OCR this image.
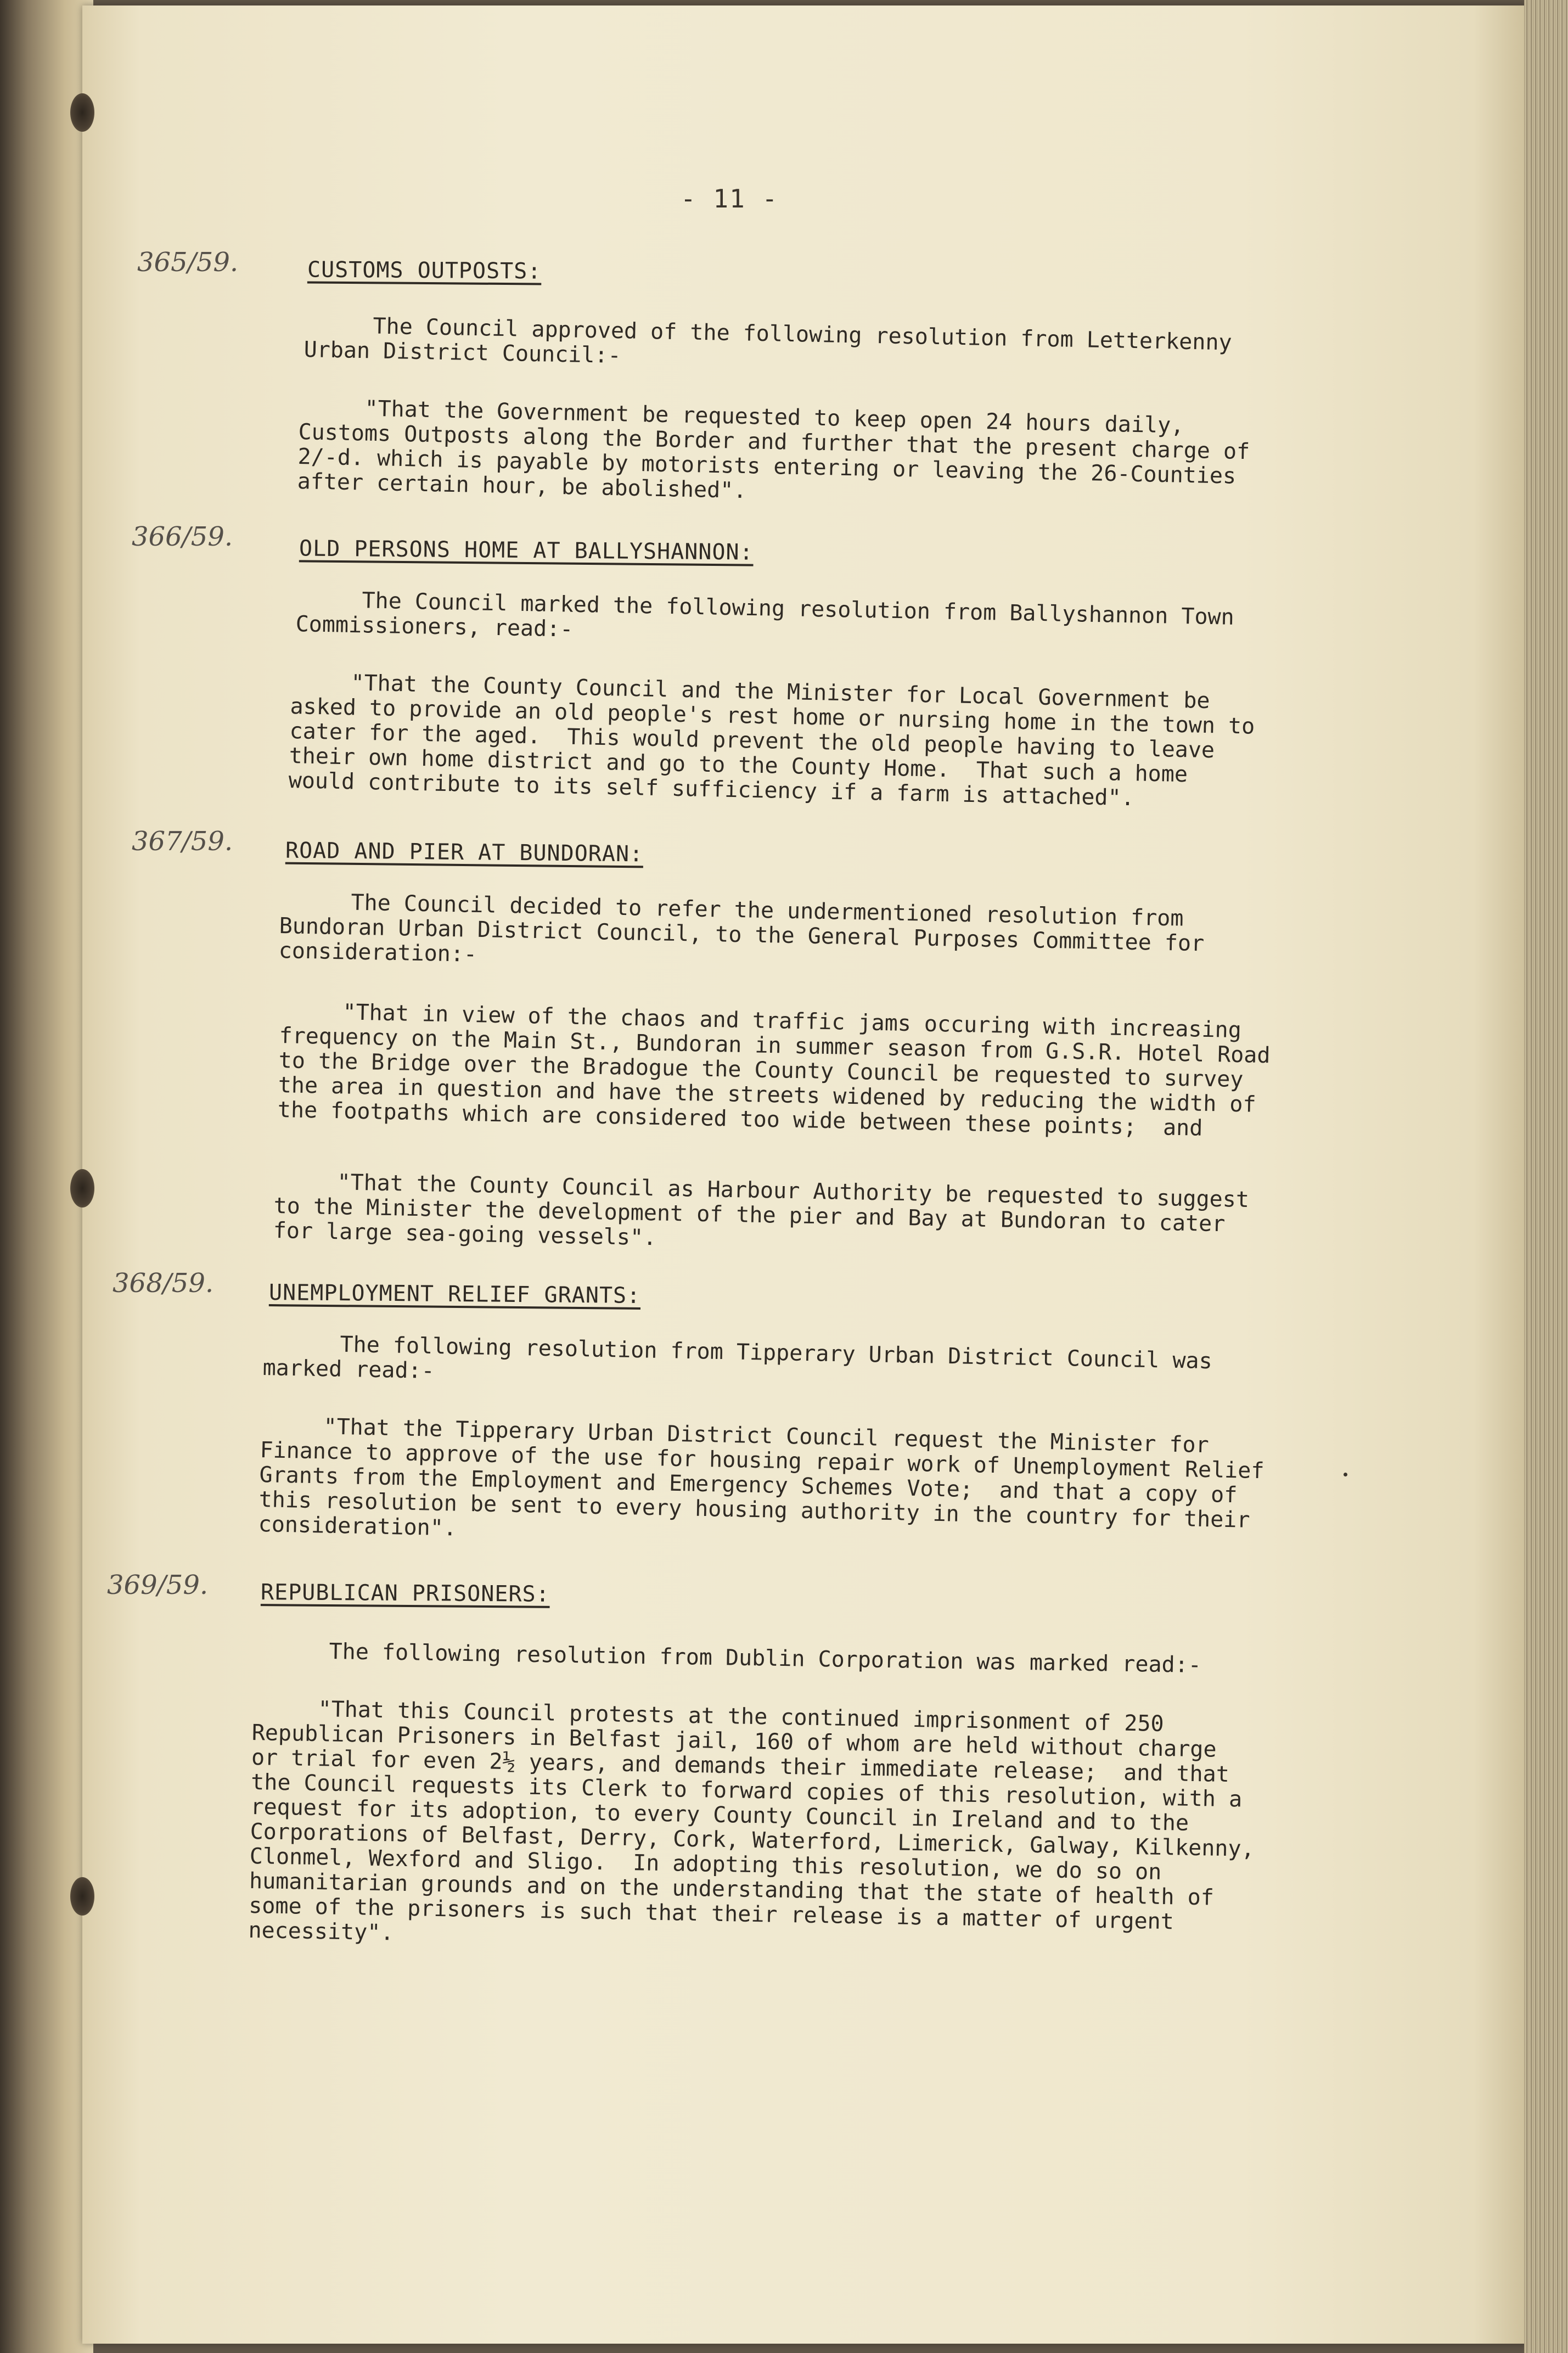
- 11 -
365/59.	CUSTOMS OUTPOSTS:
The Council approved of the following resolution from Letterkenny
Urban District Council:-
"That the Government be requested to keep open 24 hours daily,
Customs Outposts along the Border and further that the present charge of
2/-d. which is payable by motorists entering or leaving the 26-Counties
after certain hour, be abolished".
366/59.	OLD PERSONS HOME AT BALLYSHANNON:
The Council marked the following resolution from Ballyshannon Town
Commissioners, read:-
"That the County Council and the Minister for Local Government be
asked to provide an old people's rest home or nursing home in the town to
cater for the aged.  This would prevent the old people having to leave
their own home district and go to the County Home.  That such a home
would contribute to its self sufficiency if a farm is attached".
367/59. ROAD AND PIER AT BUNDORAN:
The Council decided to refer the undermentioned resolution from
Bundoran Urban District Council, to the General Purposes Committee for
consideration:-
"That in view of the chaos and traffic jams occuring with increasing
frequency on the Main St., Bundoran in summer season from G.S.R. Hotel Road
to the Bridge over the Bradogue the County Council be requested to survey
the area in question and have the streets widened by reducing the width of
the footpaths which are considered too wide between these points;  and
"That the County Council as Harbour Authority be requested to suggest
to the Minister the development of the pier and Bay at Bundoran to cater
for large sea-going vessels".
368/59.	UNEMPLOYMENT RELIEF GRANTS:
The following resolution from Tipperary Urban District Council was
marked read:-
"That the Tipperary Urban District Council request the Minister for
Finance to approve of the use for housing repair work of Unemployment Relief
Grants from the Employment and Emergency Schemes Vote;  and that a copy of
this resolution be sent to every housing authority in the country for their
consideration".
369/59. REPUBLICAN PRISONERS:
The following resolution from Dublin Corporation was marked read:-
"That this Council protests at the continued imprisonment of 250
Republican Prisoners in Belfast jail, 160 of whom are held without charge
or trial for even 2½ years, and demands their immediate release;  and that
the Council requests its Clerk to forward copies of this resolution, with a
request for its adoption, to every County Council in Ireland and to the
Corporations of Belfast, Derry, Cork, Waterford, Limerick, Galway, Kilkenny,
Clonmel, Wexford and Sligo.  In adopting this resolution, we do so on
humanitarian grounds and on the understanding that the state of health of
some of the prisoners is such that their release is a matter of urgent
necessity".
